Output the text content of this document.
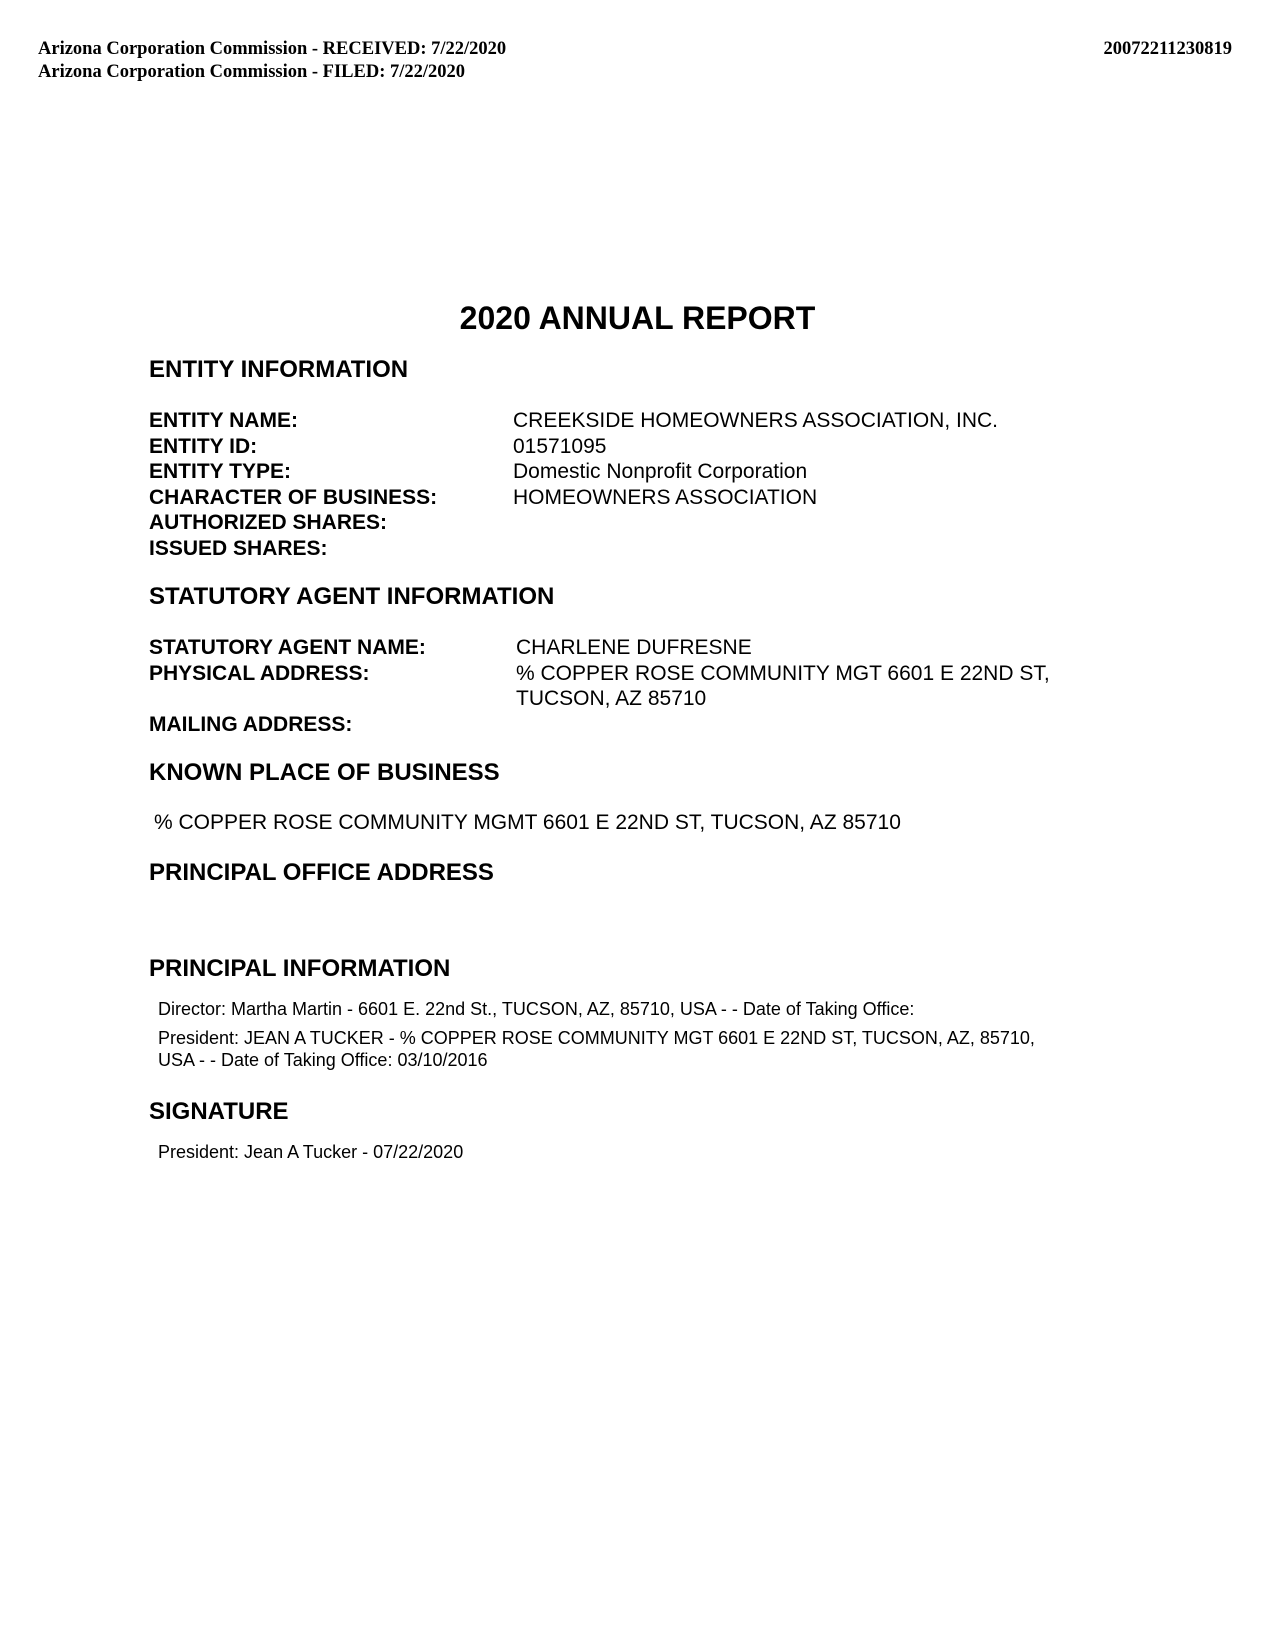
Arizona Corporation Commission - RECEIVED: 7/22/2020
Arizona Corporation Commission - FILED: 7/22/2020
20072211230819
2020 ANNUAL REPORT
ENTITY INFORMATION
ENTITY NAME:	CREEKSIDE HOMEOWNERS ASSOCIATION, INC.
ENTITY ID:	01571095
ENTITY TYPE:	Domestic Nonprofit Corporation
CHARACTER OF BUSINESS:	HOMEOWNERS ASSOCIATION
AUTHORIZED SHARES:
ISSUED SHARES:
STATUTORY AGENT INFORMATION
STATUTORY AGENT NAME:	CHARLENE DUFRESNE
PHYSICAL ADDRESS:	% COPPER ROSE COMMUNITY MGT 6601 E 22ND ST,
TUCSON, AZ 85710
MAILING ADDRESS:
KNOWN PLACE OF BUSINESS
% COPPER ROSE COMMUNITY MGMT 6601 E 22ND ST, TUCSON, AZ 85710
PRINCIPAL OFFICE ADDRESS
PRINCIPAL INFORMATION
Director: Martha Martin - 6601 E. 22nd St., TUCSON, AZ, 85710, USA - - Date of Taking Office:
President: JEAN A TUCKER - % COPPER ROSE COMMUNITY MGT 6601 E 22ND ST, TUCSON, AZ, 85710,
USA - - Date of Taking Office: 03/10/2016
SIGNATURE
President: Jean A Tucker - 07/22/2020
